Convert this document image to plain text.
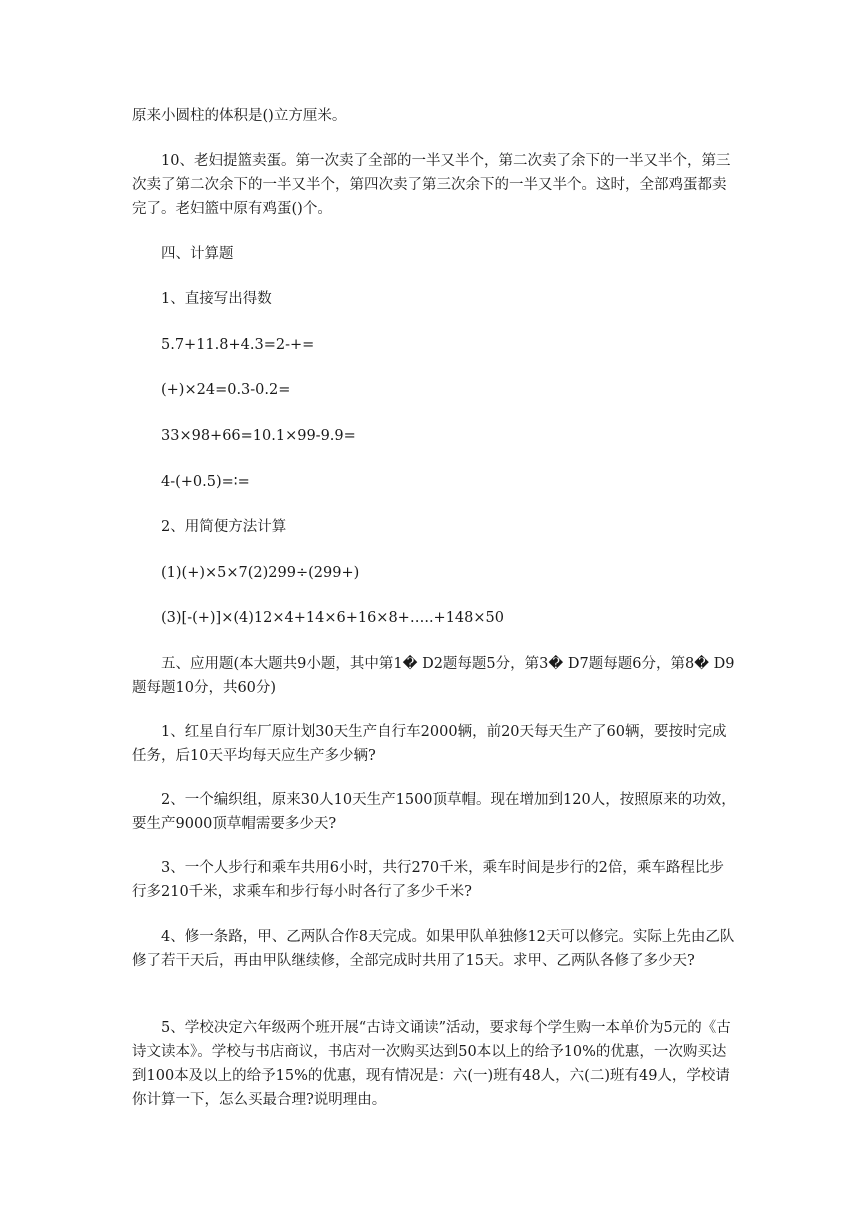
原来小圆柱的体积是()立方厘米。

10、老妇提篮卖蛋。第一次卖了全部的一半又半个，第二次卖了余下的一半又半个，第三次卖了第二次余下的一半又半个，第四次卖了第三次余下的一半又半个。这时，全部鸡蛋都卖完了。老妇篮中原有鸡蛋()个。

四、计算题

1、直接写出得数

5.7+11.8+4.3=2-+=

(+)×24=0.3-0.2=

33×98+66=10.1×99-9.9=

4-(+0.5)=∶=

2、用简便方法计算

(1)(+)×5×7(2)299÷(299+)

(3)[-(+)]×(4)12×4+14×6+16×8+…..+148×50

五、应用题(本大题共9小题，其中第1� D2题每题5分，第3� D7题每题6分，第8� D9题每题10分，共60分)

1、红星自行车厂原计划30天生产自行车2000辆，前20天每天生产了60辆，要按时完成任务，后10天平均每天应生产多少辆?

2、一个编织组，原来30人10天生产1500顶草帽。现在增加到120人，按照原来的功效，要生产9000顶草帽需要多少天?

3、一个人步行和乘车共用6小时，共行270千米，乘车时间是步行的2倍，乘车路程比步行多210千米，求乘车和步行每小时各行了多少千米?

4、修一条路，甲、乙两队合作8天完成。如果甲队单独修12天可以修完。实际上先由乙队修了若干天后，再由甲队继续修，全部完成时共用了15天。求甲、乙两队各修了多少天?

5、学校决定六年级两个班开展“古诗文诵读”活动，要求每个学生购一本单价为5元的《古诗文读本》。学校与书店商议，书店对一次购买达到50本以上的给予10%的优惠，一次购买达到100本及以上的给予15%的优惠，现有情况是：六(一)班有48人，六(二)班有49人，学校请你计算一下，怎么买最合理?说明理由。
